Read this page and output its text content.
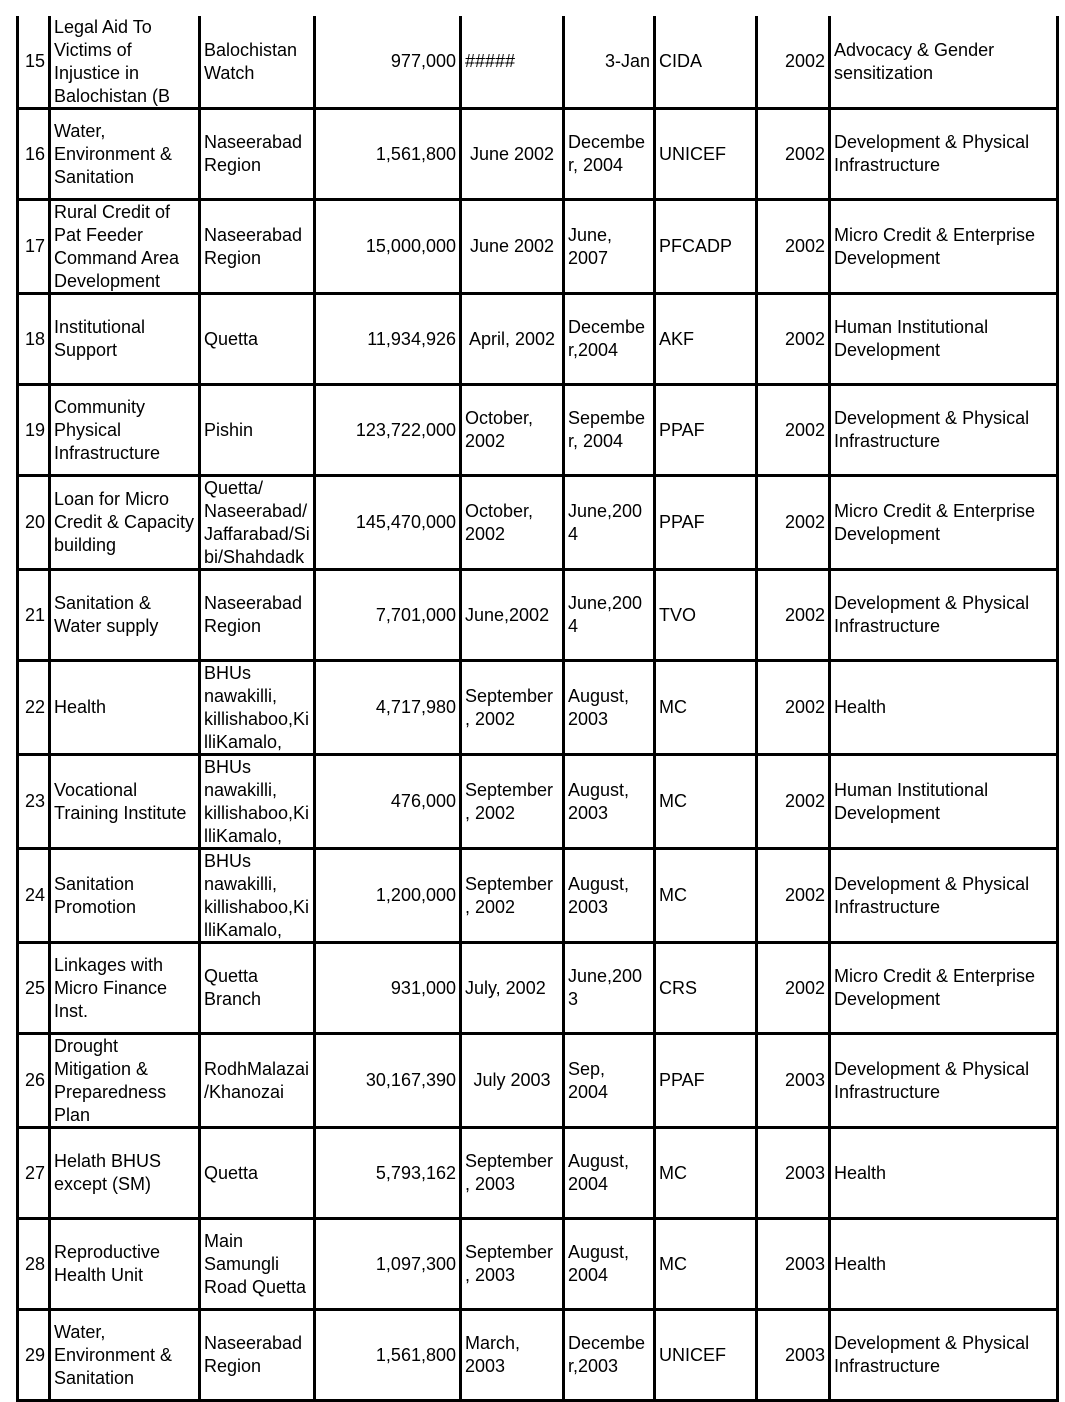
15	Legal Aid To Victims of Injustice in Balochistan (B	Balochistan Watch	977,000	#####	3-Jan	CIDA	2002	Advocacy & Gender sensitization

16	Water, Environment & Sanitation	Naseerabad Region	1,561,800	June 2002	Decembe r, 2004	UNICEF	2002	Development & Physical Infrastructure

17	Rural Credit of Pat Feeder Command Area Development	Naseerabad Region	15,000,000	June 2002	June, 2007	PFCADP	2002	Micro Credit & Enterprise Development

18	Institutional Support	Quetta	11,934,926	April, 2002	Decembe r,2004	AKF	2002	Human Institutional Development

19	Community Physical Infrastructure	Pishin	123,722,000	October, 2002	Sepembe r, 2004	PPAF	2002	Development & Physical Infrastructure

20	Loan for Micro Credit & Capacity building	Quetta/ Naseerabad/ Jaffarabad/Si bi/Shahdadk	145,470,000	October, 2002	June,200 4	PPAF	2002	Micro Credit & Enterprise Development

21	Sanitation & Water supply	Naseerabad Region	7,701,000	June,2002	June,200 4	TVO	2002	Development & Physical Infrastructure

22	Health	BHUs nawakilli, killishaboo,Ki lliKamalo,	4,717,980	September , 2002	August, 2003	MC	2002	Health

23	Vocational Training Institute	BHUs nawakilli, killishaboo,Ki lliKamalo,	476,000	September , 2002	August, 2003	MC	2002	Human Institutional Development

24	Sanitation Promotion	BHUs nawakilli, killishaboo,Ki lliKamalo,	1,200,000	September , 2002	August, 2003	MC	2002	Development & Physical Infrastructure

25	Linkages with Micro Finance Inst.	Quetta Branch	931,000	July, 2002	June,200 3	CRS	2002	Micro Credit & Enterprise Development

26	Drought Mitigation & Preparedness Plan	RodhMalazai /Khanozai	30,167,390	July 2003	Sep, 2004	PPAF	2003	Development & Physical Infrastructure

27	Helath BHUS except (SM)	Quetta	5,793,162	September , 2003	August, 2004	MC	2003	Health

28	Reproductive Health Unit	Main Samungli Road Quetta	1,097,300	September , 2003	August, 2004	MC	2003	Health

29	Water, Environment & Sanitation	Naseerabad Region	1,561,800	March, 2003	Decembe r,2003	UNICEF	2003	Development & Physical Infrastructure
